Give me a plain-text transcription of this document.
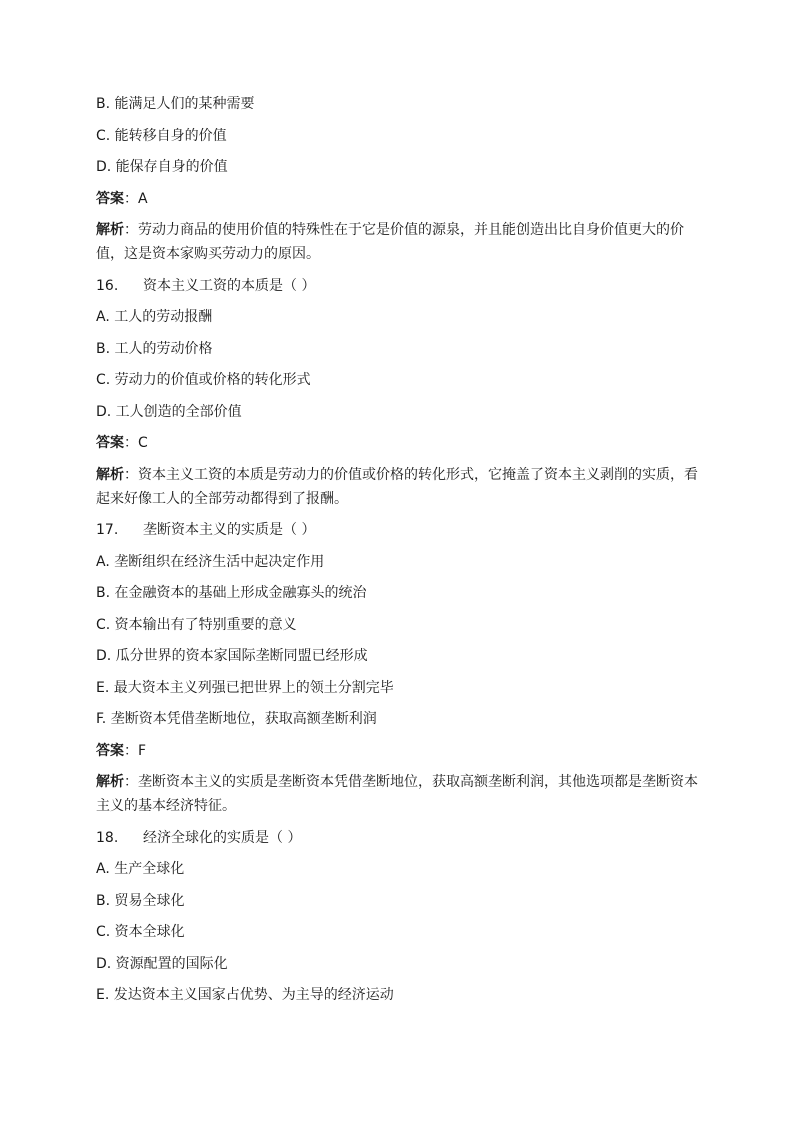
B. 能满足人们的某种需要
C. 能转移自身的价值
D. 能保存自身的价值
答案：A
解析：劳动力商品的使用价值的特殊性在于它是价值的源泉，并且能创造出比自身价值更大的价值，这是资本家购买劳动力的原因。
16. 资本主义工资的本质是（ ）
A. 工人的劳动报酬
B. 工人的劳动价格
C. 劳动力的价值或价格的转化形式
D. 工人创造的全部价值
答案：C
解析：资本主义工资的本质是劳动力的价值或价格的转化形式，它掩盖了资本主义剥削的实质，看起来好像工人的全部劳动都得到了报酬。
17. 垄断资本主义的实质是（ ）
A. 垄断组织在经济生活中起决定作用
B. 在金融资本的基础上形成金融寡头的统治
C. 资本输出有了特别重要的意义
D. 瓜分世界的资本家国际垄断同盟已经形成
E. 最大资本主义列强已把世界上的领土分割完毕
F. 垄断资本凭借垄断地位，获取高额垄断利润
答案：F
解析：垄断资本主义的实质是垄断资本凭借垄断地位，获取高额垄断利润，其他选项都是垄断资本主义的基本经济特征。
18. 经济全球化的实质是（ ）
A. 生产全球化
B. 贸易全球化
C. 资本全球化
D. 资源配置的国际化
E. 发达资本主义国家占优势、为主导的经济运动
